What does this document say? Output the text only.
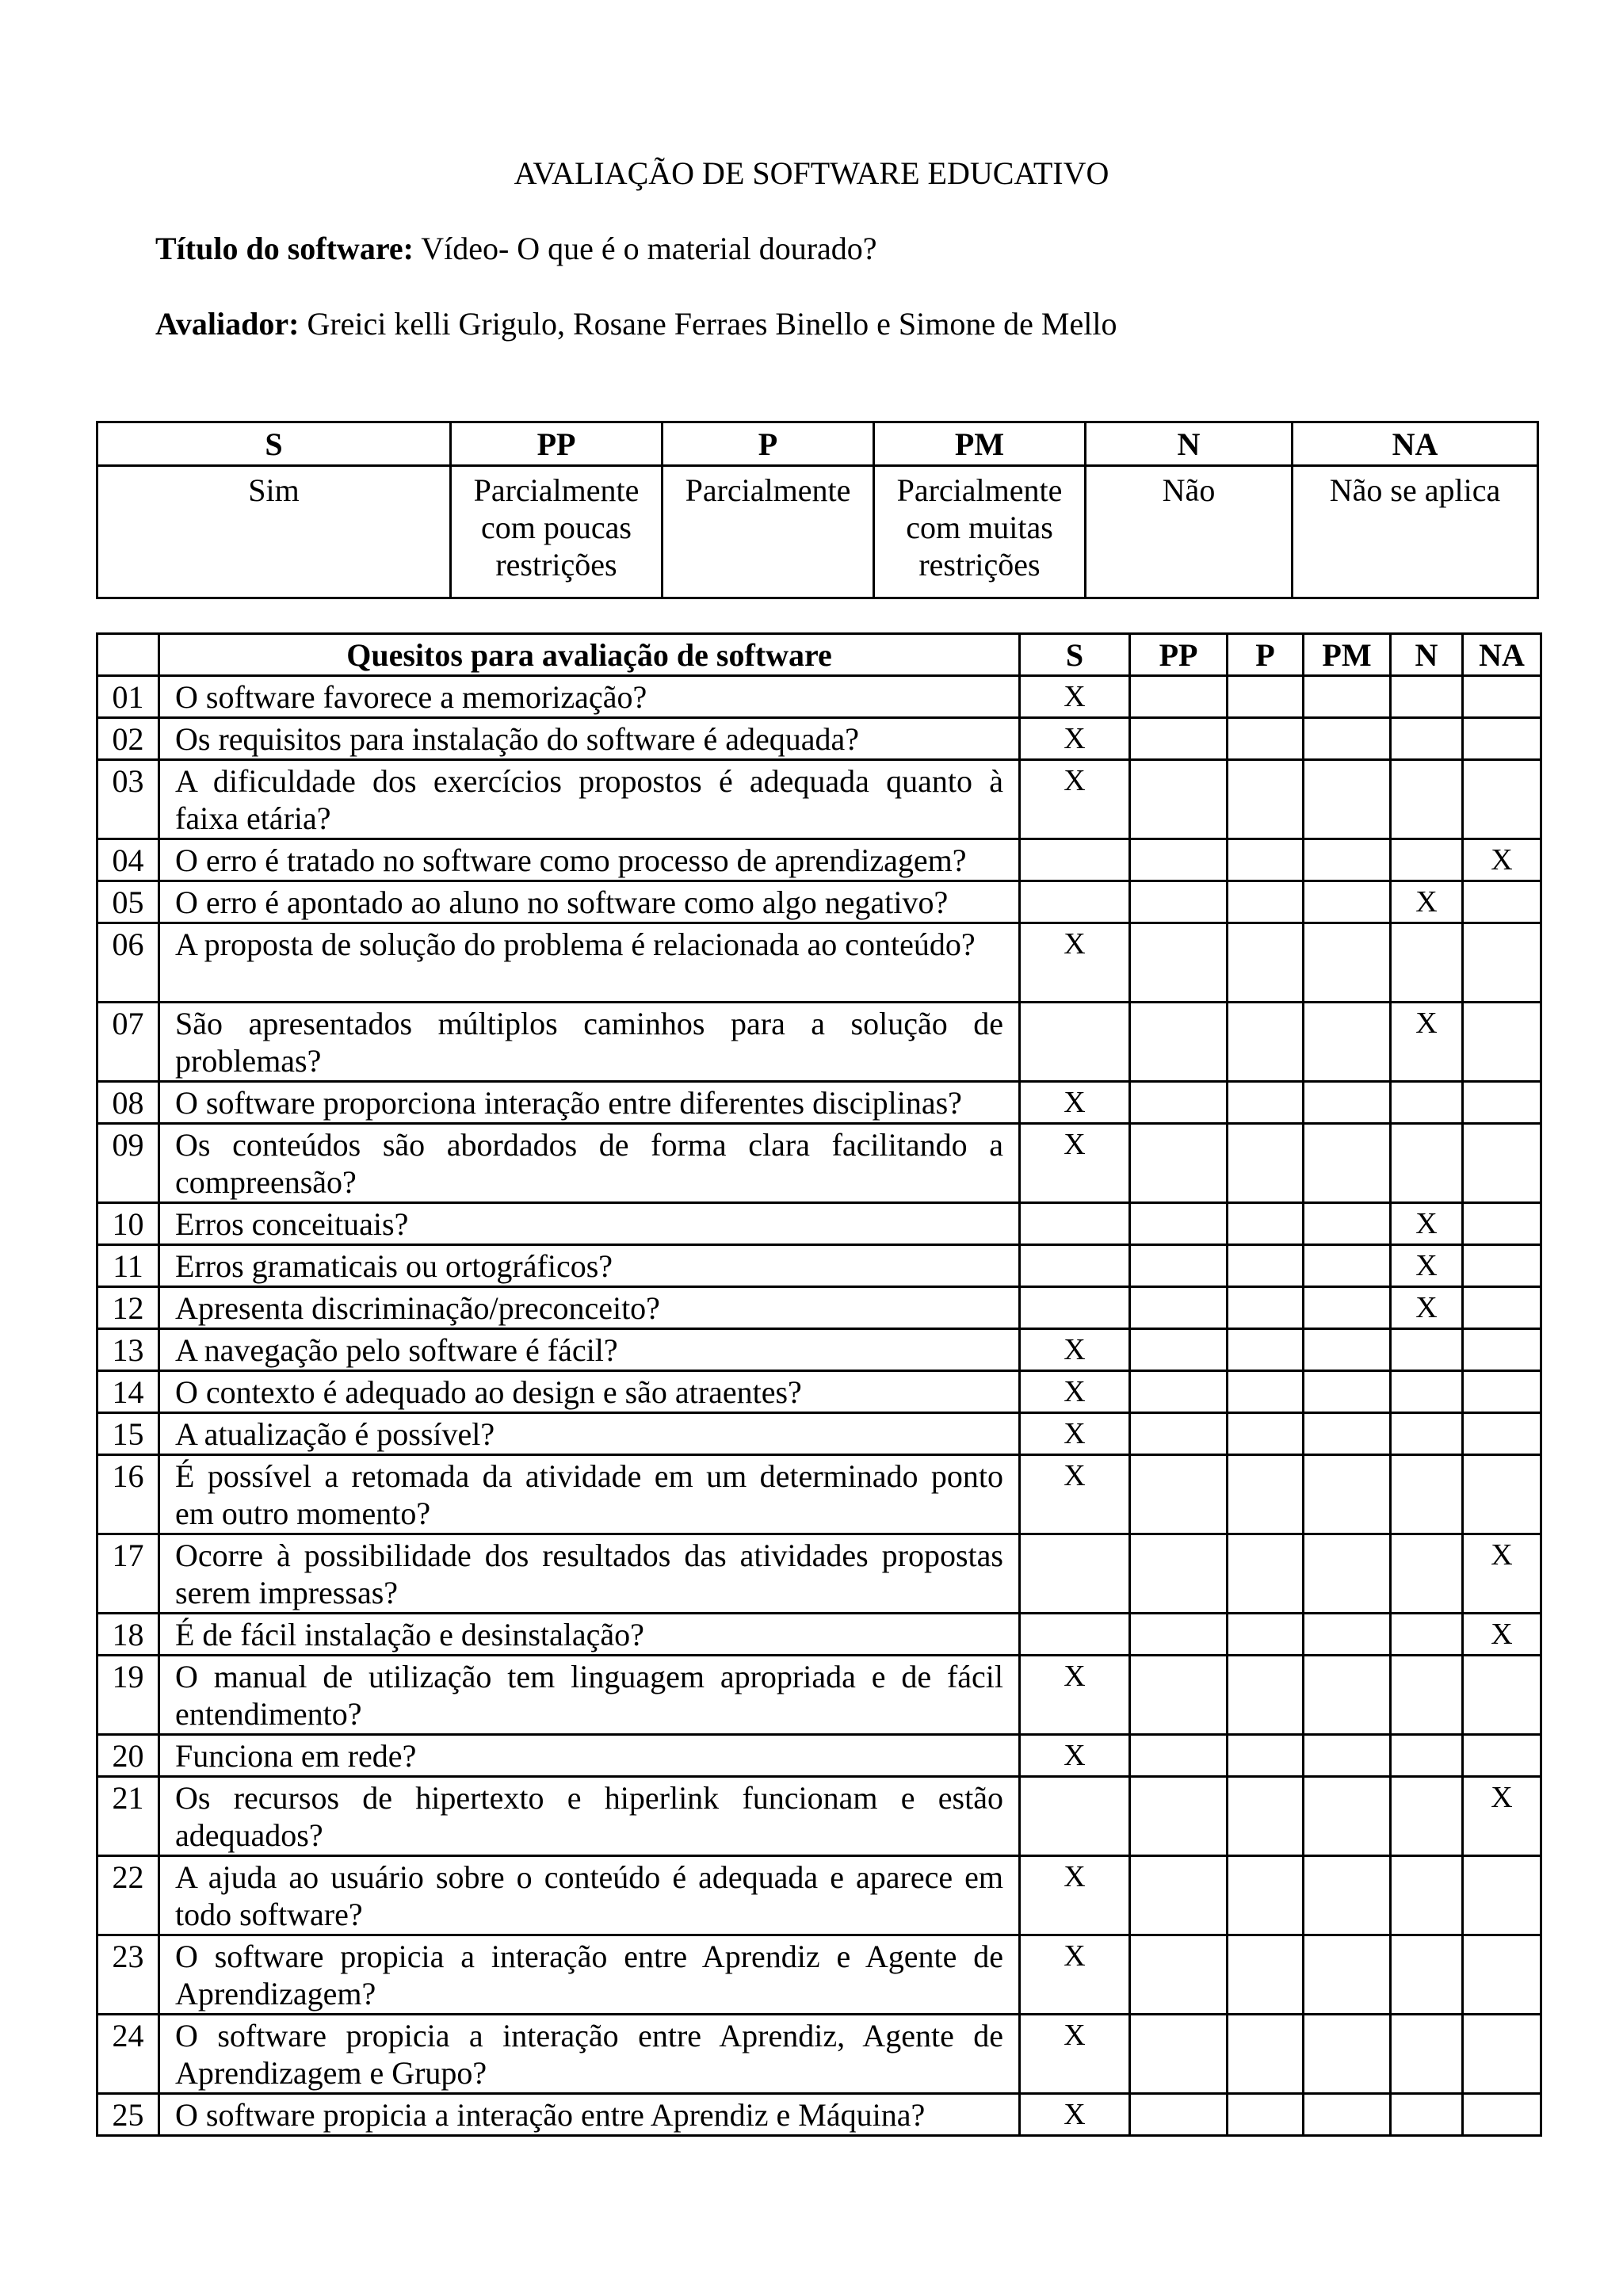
AVALIAÇÃO DE SOFTWARE EDUCATIVO
Título do software: Vídeo- O que é o material dourado?
Avaliador: Greici kelli Grigulo, Rosane Ferraes Binello e Simone de Mello
S	PP	P	PM	N	NA
Sim	Parcialmente com poucas restrições	Parcialmente	Parcialmente com muitas restrições	Não	Não se aplica
	Quesitos para avaliação de software	S	PP	P	PM	N	NA
01	O software favorece a memorização?	X					
02	Os requisitos para instalação do software é adequada?	X					
03	A dificuldade dos exercícios propostos é adequada quanto à faixa etária?	X					
04	O erro é tratado no software como processo de aprendizagem?						X
05	O erro é apontado ao aluno no software como algo negativo?					X	
06	A proposta de solução do problema é relacionada ao conteúdo?	X					
07	São apresentados múltiplos caminhos para a solução de problemas?					X	
08	O software proporciona interação entre diferentes disciplinas?	X					
09	Os conteúdos são abordados de forma clara facilitando a compreensão?	X					
10	Erros conceituais?					X	
11	Erros gramaticais ou ortográficos?					X	
12	Apresenta discriminação/preconceito?					X	
13	A navegação pelo software é fácil?	X					
14	O contexto é adequado ao design e são atraentes?	X					
15	A atualização é possível?	X					
16	É possível a retomada da atividade em um determinado ponto em outro momento?	X					
17	Ocorre à possibilidade dos resultados das atividades propostas serem impressas?						X
18	É de fácil instalação e desinstalação?						X
19	O manual de utilização tem linguagem apropriada e de fácil entendimento?	X					
20	Funciona em rede?	X					
21	Os recursos de hipertexto e hiperlink funcionam e estão adequados?						X
22	A ajuda ao usuário sobre o conteúdo é adequada e aparece em todo software?	X					
23	O software propicia a interação entre Aprendiz e Agente de Aprendizagem?	X					
24	O software propicia a interação entre Aprendiz, Agente de Aprendizagem e Grupo?	X					
25	O software propicia a interação entre Aprendiz e Máquina?	X					
